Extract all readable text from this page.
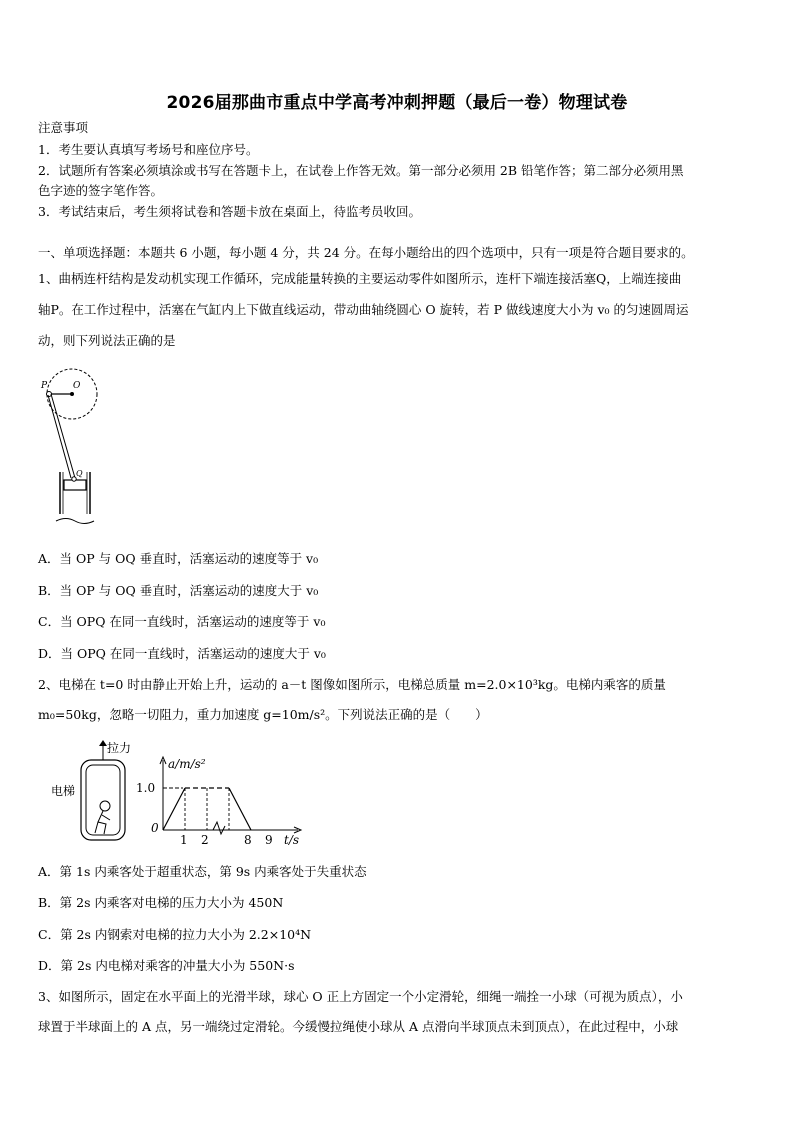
2026届那曲市重点中学高考冲刺押题（最后一卷）物理试卷
注意事项
1．考生要认真填写考场号和座位序号。
2．试题所有答案必须填涂或书写在答题卡上，在试卷上作答无效。第一部分必须用 2B 铅笔作答；第二部分必须用黑
色字迹的签字笔作答。
3．考试结束后，考生须将试卷和答题卡放在桌面上，待监考员收回。
一、单项选择题：本题共 6 小题，每小题 4 分，共 24 分。在每小题给出的四个选项中，只有一项是符合题目要求的。
1、曲柄连杆结构是发动机实现工作循环，完成能量转换的主要运动零件如图所示，连杆下端连接活塞Q，上端连接曲
轴P。在工作过程中，活塞在气缸内上下做直线运动，带动曲轴绕圆心 O 旋转，若 P 做线速度大小为 v₀ 的匀速圆周运
动，则下列说法正确的是
P	O
Q
A．当 OP 与 OQ 垂直时，活塞运动的速度等于 v₀
B．当 OP 与 OQ 垂直时，活塞运动的速度大于 v₀
C．当 OPQ 在同一直线时，活塞运动的速度等于 v₀
D．当 OPQ 在同一直线时，活塞运动的速度大于 v₀
2、电梯在 t=0 时由静止开始上升，运动的 a－t 图像如图所示，电梯总质量 m=2.0×10³kg。电梯内乘客的质量
m₀=50kg，忽略一切阻力，重力加速度 g=10m/s²。下列说法正确的是（　　）
电梯
拉力
a/m/s²
t/s
0
1.0
1 2	8 9
A．第 1s 内乘客处于超重状态，第 9s 内乘客处于失重状态
B．第 2s 内乘客对电梯的压力大小为 450N
C．第 2s 内钢索对电梯的拉力大小为 2.2×10⁴N
D．第 2s 内电梯对乘客的冲量大小为 550N·s
3、如图所示，固定在水平面上的光滑半球，球心 O 正上方固定一个小定滑轮，细绳一端拴一小球（可视为质点），小
球置于半球面上的 A 点，另一端绕过定滑轮。今缓慢拉绳使小球从 A 点滑向半球顶点未到顶点），在此过程中，小球
